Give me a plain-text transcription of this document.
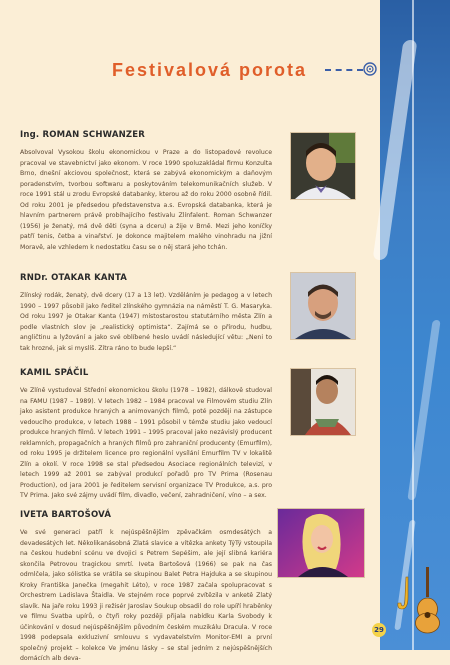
29
Festivalová porota
Ing. ROMAN SCHWANZER

Absolvoval Vysokou školu ekonomickou v Praze a do listopadové revoluce pracoval ve stavebnictví jako ekonom. V roce 1990 spoluzakládal firmu Konzulta Brno, dnešní akciovou společnost, která se zabývá ekonomickým a daňovým poradenstvím, tvorbou softwaru a poskytováním telekomunikačních služeb. V roce 1991 stál u zrodu Evropské databanky, kterou až do roku 2000 osobně řídil. Od roku 2001 je předsedou představenstva a.s. Evropská databanka, která je hlavním partnerem právě probíhajícího festivalu Zlínfalent. Roman Schwanzer (1956) je ženatý, má dvě děti (syna a dceru) a žije v Brně. Mezi jeho koníčky patří tenis, četba a vinařství. Je dokonce majitelem malého vinohradu na jižní Moravě, ale vzhledem k nedostatku času se o něj stará jeho tchán.

RNDr. OTAKAR KANTA

Zlínský rodák, ženatý, dvě dcery (17 a 13 let). Vzděláním je pedagog a v letech 1990 – 1997 působil jako ředitel zlínského gymnázia na náměstí T. G. Masaryka. Od roku 1997 je Otakar Kanta (1947) místostarostou statutárního města Zlín a podle vlastních slov je „realistický optimista“. Zajímá se o přírodu, hudbu, angličtinu a lyžování a jako své oblíbené heslo uvádí následující větu: „Neni to tak hrozné, jak si myslíš. Zítra ráno to bude lepší.“

KAMIL SPÁČIL

Ve Zlíně vystudoval Střední ekonomickou školu (1978 – 1982), dálkově studoval na FAMU (1987 – 1989). V letech 1982 – 1984 pracoval ve Filmovém studiu Zlín jako asistent produkce hraných a animovaných filmů, poté později na zástupce vedoucího produkce, v letech 1988 – 1991 působil v témže studiu jako vedoucí produkce hraných filmů. V letech 1991 – 1995 pracoval jako nezávislý producent reklamních, propagačních a hraných filmů pro zahraniční producenty (Emurfilm), od roku 1995 je držitelem licence pro regionální vysílání Emurfilm TV v lokalitě Zlín a okolí. V roce 1998 se stal předsedou Asociace regionálních televizí, v letech 1999 až 2001 se zabýval produkcí pořadů pro TV Prima (Rosenau Production), od jara 2001 je ředitelem servisní organizace TV Produkce, a.s. pro TV Prima. Jako své zájmy uvádí film, divadlo, večení, zahradničení, víno – a sex.

IVETA BARTOŠOVÁ

Ve své generaci patří k nejúspěšnějším zpěvačkám osmdesátých a devadesátých let. Několikanásobná Zlatá slavice a vítězka ankety TýTý vstoupila na českou hudební scénu ve dvojici s Petrem Sepéšim, ale její slibná kariéra skončila Petrovou tragickou smrtí. Iveta Bartošová (1966) se pak na čas odmlčela, jako sólistka se vrátila se skupinou Balet Petra Hajduka a se skupinou Kroky Františka Janečka (megahit Léto), v roce 1987 začala spolupracovat s Orchestrem Ladislava Štaidla. Ve stejném roce poprvé zvítězila v anketě Zlatý slavík. Na jaře roku 1993 ji režisér Jaroslav Soukup obsadil do role upíří hraběnky ve filmu Svatba upírů, o čtyři roky později přijala nabídku Karla Svobody k účinkování v dosud nejúspěšnějším původním českém muzikálu Dracula. V roce 1998 podepsala exkluzivní smlouvu s vydavatelstvím Monitor-EMI a první společný projekt – kolekce Ve jménu lásky – se stal jedním z nejúspěšnějších domácích alb deva-
